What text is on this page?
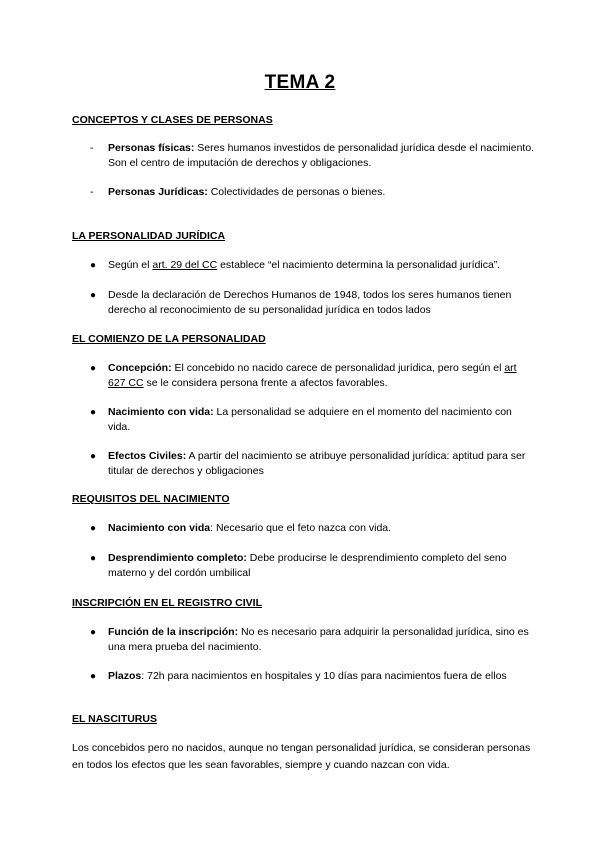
TEMA 2
CONCEPTOS Y CLASES DE PERSONAS
-	Personas físicas: Seres humanos investidos de personalidad jurídica desde el nacimiento. Son el centro de imputación de derechos y obligaciones.
-	Personas Jurídicas: Colectividades de personas o bienes.
LA PERSONALIDAD JURÍDICA
●	Según el art. 29 del CC establece “el nacimiento determina la personalidad jurídica”.
●	Desde la declaración de Derechos Humanos de 1948, todos los seres humanos tienen derecho al reconocimiento de su personalidad jurídica en todos lados
EL COMIENZO DE LA PERSONALIDAD
●	Concepción: El concebido no nacido carece de personalidad jurídica, pero según el art 627 CC se le considera persona frente a afectos favorables.
●	Nacimiento con vida: La personalidad se adquiere en el momento del nacimiento con vida.
●	Efectos Civiles: A partir del nacimiento se atribuye personalidad jurídica: aptitud para ser titular de derechos y obligaciones
REQUISITOS DEL NACIMIENTO
●	Nacimiento con vida: Necesario que el feto nazca con vida.
●	Desprendimiento completo: Debe producirse le desprendimiento completo del seno materno y del cordón umbilical
INSCRIPCIÓN EN EL REGISTRO CIVIL
●	Función de la inscripción: No es necesario para adquirir la personalidad jurídica, sino es una mera prueba del nacimiento.
●	Plazos: 72h para nacimientos en hospitales y 10 días para nacimientos fuera de ellos
EL NASCITURUS
Los concebidos pero no nacidos, aunque no tengan personalidad jurídica, se consideran personas en todos los efectos que les sean favorables, siempre y cuando nazcan con vida.
